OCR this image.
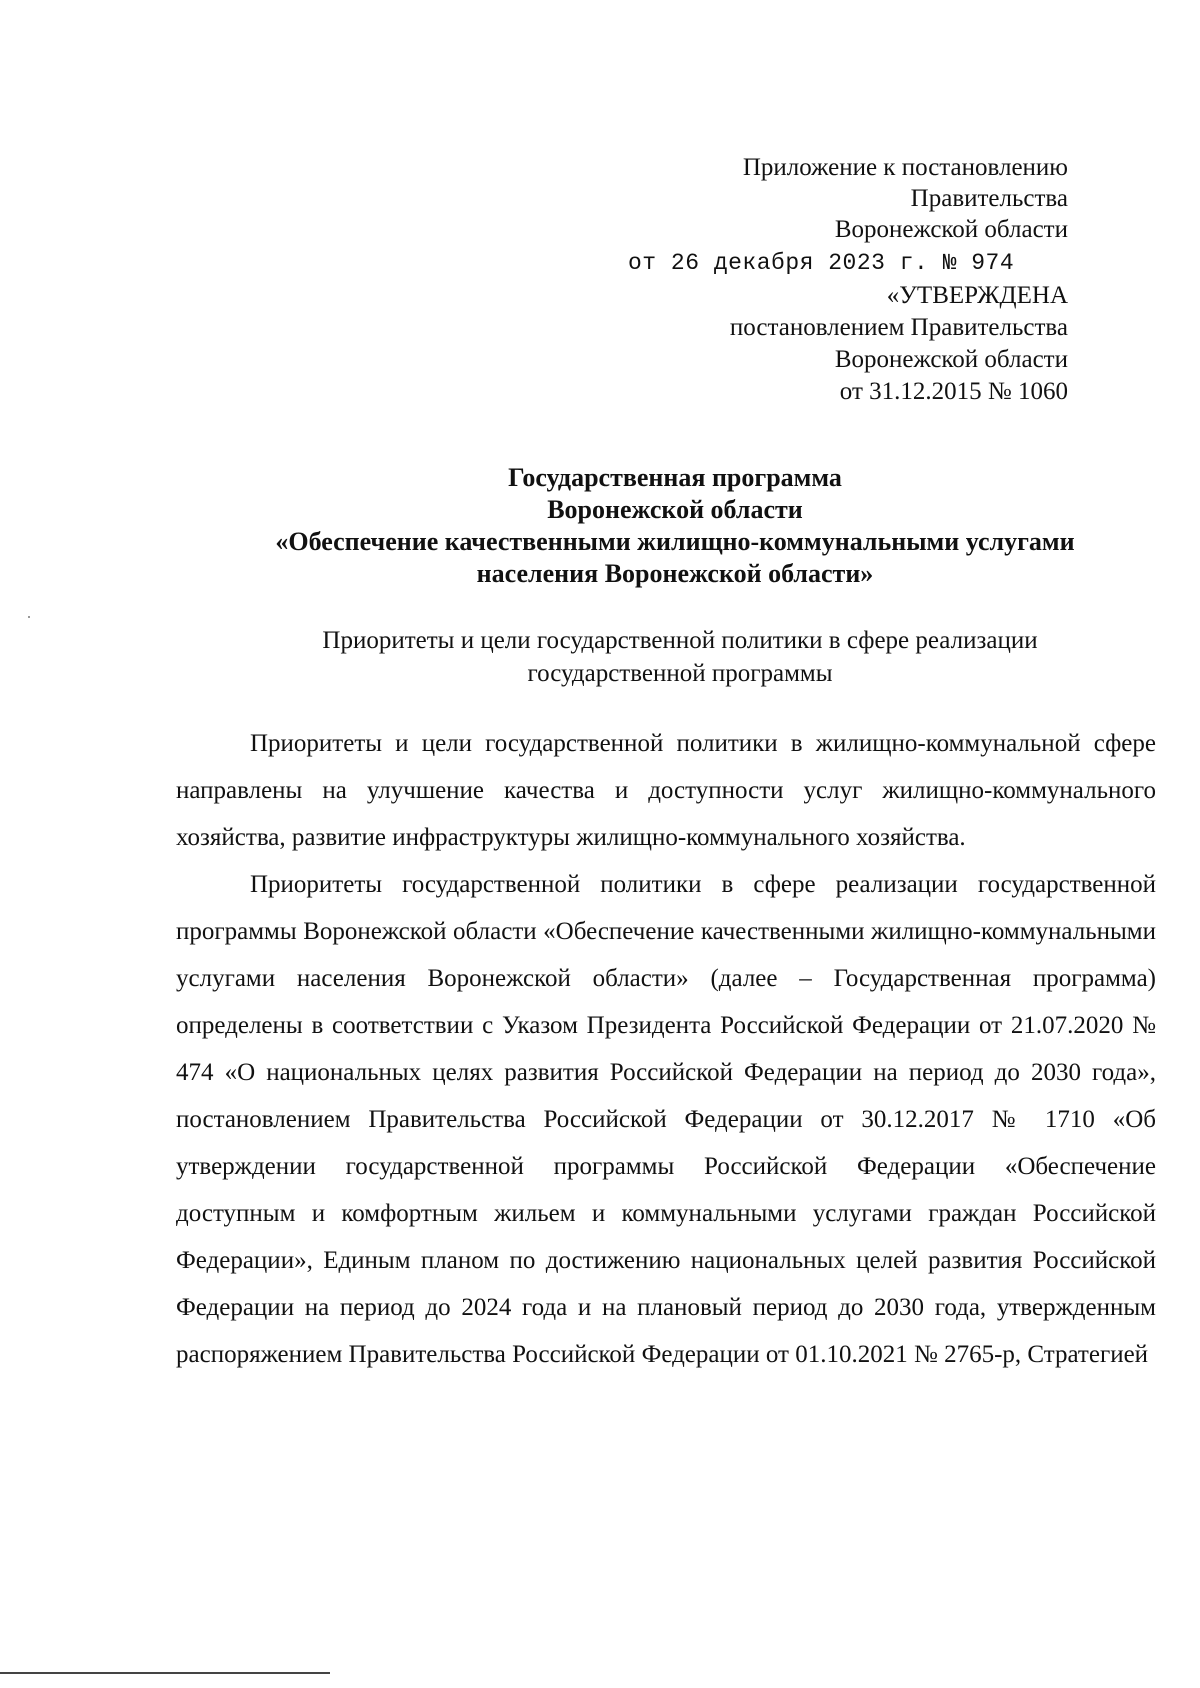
Приложение к постановлению
Правительства
Воронежской области
от 26 декабря 2023 г. № 974
«УТВЕРЖДЕНА
постановлением Правительства
Воронежской области
от 31.12.2015 № 1060
Государственная программа
Воронежской области
«Обеспечение качественными жилищно-коммунальными услугами
населения Воронежской области»
Приоритеты и цели государственной политики в сфере реализации
государственной программы

Приоритеты и цели государственной политики в жилищно-коммунальной сфере направлены на улучшение качества и доступности услуг жилищно-коммунального хозяйства, развитие инфраструктуры жилищно-коммунального хозяйства.

Приоритеты государственной политики в сфере реализации государственной программы Воронежской области «Обеспечение качественными жилищно-коммунальными услугами населения Воронежской области» (далее – Государственная программа) определены в соответствии с Указом Президента Российской Федерации от 21.07.2020 № 474 «О национальных целях развития Российской Федерации на период до 2030 года», постановлением Правительства Российской Федерации от 30.12.2017 № 1710 «Об утверждении государственной программы Российской Федерации «Обеспечение доступным и комфортным жильем и коммунальными услугами граждан Российской Федерации», Единым планом по достижению национальных целей развития Российской Федерации на период до 2024 года и на плановый период до 2030 года, утвержденным распоряжением Правительства Российской Федерации от 01.10.2021 № 2765-р, Стратегией
